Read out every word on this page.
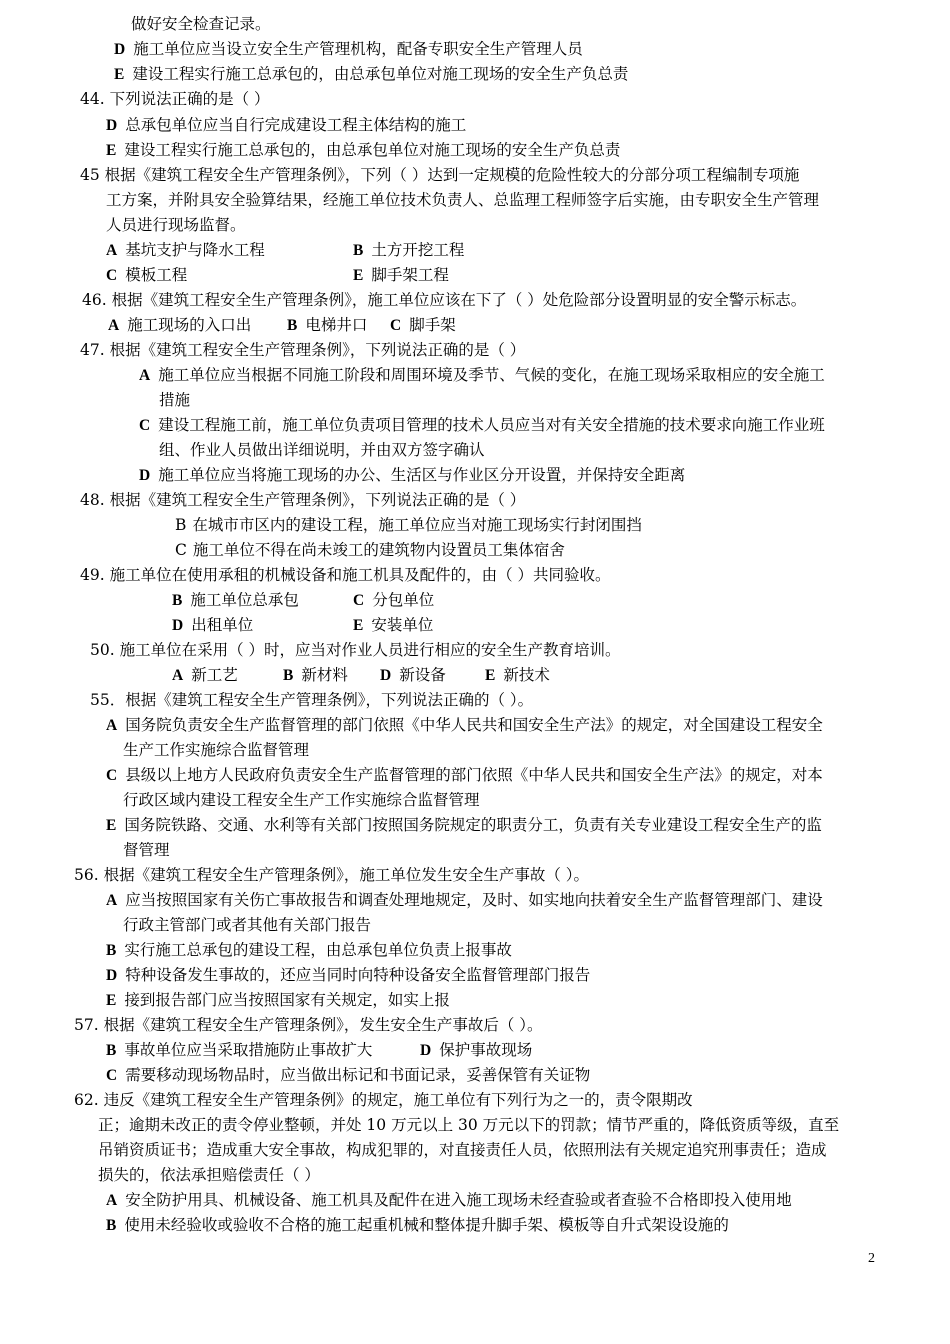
做好安全检查记录。
D 施工单位应当设立安全生产管理机构，配备专职安全生产管理人员
E 建设工程实行施工总承包的，由总承包单位对施工现场的安全生产负总责
44. 下列说法正确的是（ ）
D 总承包单位应当自行完成建设工程主体结构的施工
E 建设工程实行施工总承包的，由总承包单位对施工现场的安全生产负总责
45 根据《建筑工程安全生产管理条例》，下列（ ）达到一定规模的危险性较大的分部分项工程编制专项施
工方案，并附具安全验算结果，经施工单位技术负责人、总监理工程师签字后实施，由专职安全生产管理
人员进行现场监督。
A 基坑支护与降水工程	B 土方开挖工程
C 模板工程	E 脚手架工程
46. 根据《建筑工程安全生产管理条例》，施工单位应该在下了（ ）处危险部分设置明显的安全警示标志。
A 施工现场的入口出 B 电梯井口 C 脚手架
47. 根据《建筑工程安全生产管理条例》，下列说法正确的是（ ）
A 施工单位应当根据不同施工阶段和周围环境及季节、气候的变化，在施工现场采取相应的安全施工
措施
C 建设工程施工前，施工单位负责项目管理的技术人员应当对有关安全措施的技术要求向施工作业班
组、作业人员做出详细说明，并由双方签字确认
D 施工单位应当将施工现场的办公、生活区与作业区分开设置，并保持安全距离
48. 根据《建筑工程安全生产管理条例》，下列说法正确的是（ ）
B 在城市市区内的建设工程，施工单位应当对施工现场实行封闭围挡
C 施工单位不得在尚未竣工的建筑物内设置员工集体宿舍
49. 施工单位在使用承租的机械设备和施工机具及配件的，由（ ）共同验收。
B 施工单位总承包	C 分包单位
D 出租单位	E 安装单位
50. 施工单位在采用（ ）时，应当对作业人员进行相应的安全生产教育培训。
A 新工艺	B 新材料 D 新设备	E 新技术
55．根据《建筑工程安全生产管理条例》，下列说法正确的（ ）。
A 国务院负责安全生产监督管理的部门依照《中华人民共和国安全生产法》的规定，对全国建设工程安全
生产工作实施综合监督管理
C 县级以上地方人民政府负责安全生产监督管理的部门依照《中华人民共和国安全生产法》的规定，对本
行政区域内建设工程安全生产工作实施综合监督管理
E 国务院铁路、交通、水利等有关部门按照国务院规定的职责分工，负责有关专业建设工程安全生产的监
督管理
56. 根据《建筑工程安全生产管理条例》，施工单位发生安全生产事故（ ）。
A 应当按照国家有关伤亡事故报告和调查处理地规定，及时、如实地向扶着安全生产监督管理部门、建设
行政主管部门或者其他有关部门报告
B 实行施工总承包的建设工程，由总承包单位负责上报事故
D 特种设备发生事故的，还应当同时向特种设备安全监督管理部门报告
E 接到报告部门应当按照国家有关规定，如实上报
57. 根据《建筑工程安全生产管理条例》，发生安全生产事故后（ ）。
B 事故单位应当采取措施防止事故扩大	D 保护事故现场
C 需要移动现场物品时，应当做出标记和书面记录，妥善保管有关证物
62. 违反《建筑工程安全生产管理条例》的规定，施工单位有下列行为之一的，责令限期改
正；逾期未改正的责令停业整顿，并处 10 万元以上 30 万元以下的罚款；情节严重的，降低资质等级，直至
吊销资质证书；造成重大安全事故，构成犯罪的，对直接责任人员，依照刑法有关规定追究刑事责任；造成
损失的，依法承担赔偿责任（ ）
A 安全防护用具、机械设备、施工机具及配件在进入施工现场未经查验或者查验不合格即投入使用地
B 使用未经验收或验收不合格的施工起重机械和整体提升脚手架、模板等自升式架设设施的
2
